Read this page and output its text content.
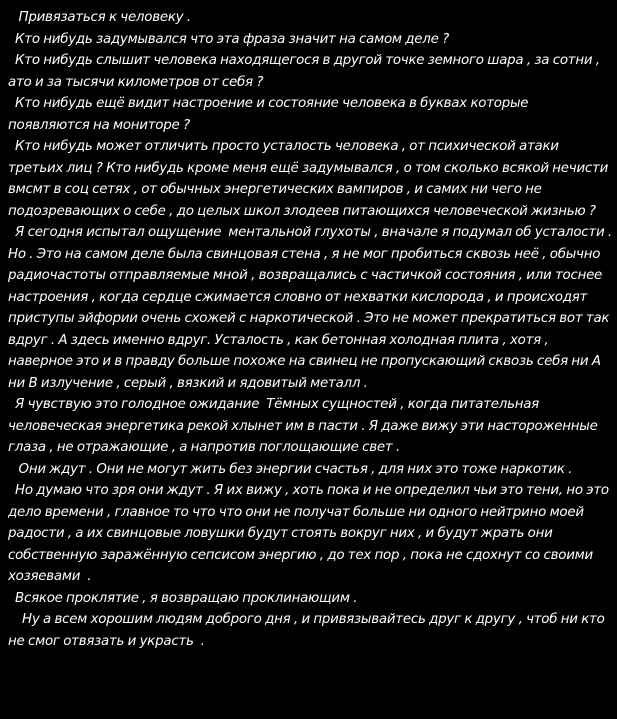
Привязаться к человеку .

Кто нибудь задумывался что эта фраза значит на самом деле ?

Кто нибудь слышит человека находящегося в другой точке земного шара , за сотни , ато и за тысячи километров от себя ?

Кто нибудь ещё видит настроение и состояние человека в буквах которые появляются на мониторе ?

Кто нибудь может отличить просто усталость человека , от психической атаки третьих лиц ? Кто нибудь кроме меня ещё задумывался , о том сколько всякой нечисти вмсмт в соц сетях , от обычных энергетических вампиров , и самих ни чего не подозревающих о себе , до целых школ злодеев питающихся человеческой жизнью ?

Я сегодня испытал ощущение  ментальной глухоты , вначале я подумал об усталости . Но . Это на самом деле была свинцовая стена , я не мог пробиться сквозь неё , обычно радиочастоты отправляемые мной , возвращались с частичкой состояния , или тоснее настроения , когда сердце сжимается словно от нехватки кислорода , и происходят приступы эйфории очень схожей с наркотической . Это не может прекратиться вот так вдруг . А здесь именно вдруг. Усталость , как бетонная холодная плита , хотя , наверное это и в правду больше похоже на свинец не пропускающий сквозь себя ни А ни В излучение , серый , вязкий и ядовитый металл .

Я чувствую это голодное ожидание  Тёмных сущностей , когда питательная человеческая энергетика рекой хлынет им в пасти . Я даже вижу эти настороженные глаза , не отражающие , а напротив поглощающие свет .

Они ждут . Они не могут жить без энергии счастья , для них это тоже наркотик .

Но думаю что зря они ждут . Я их вижу , хоть пока и не определил чьи это тени, но это дело времени , главное то что что они не получат больше ни одного нейтрино моей радости , а их свинцовые ловушки будут стоять вокруг них , и будут жрать они собственную заражённую сепсисом энергию , до тех пор , пока не сдохнут со своими хозяевами  .

Всякое проклятие , я возвращаю проклинающим .

Ну а всем хорошим людям доброго дня , и привязывайтесь друг к другу , чтоб ни кто не смог отвязать и украсть  .
